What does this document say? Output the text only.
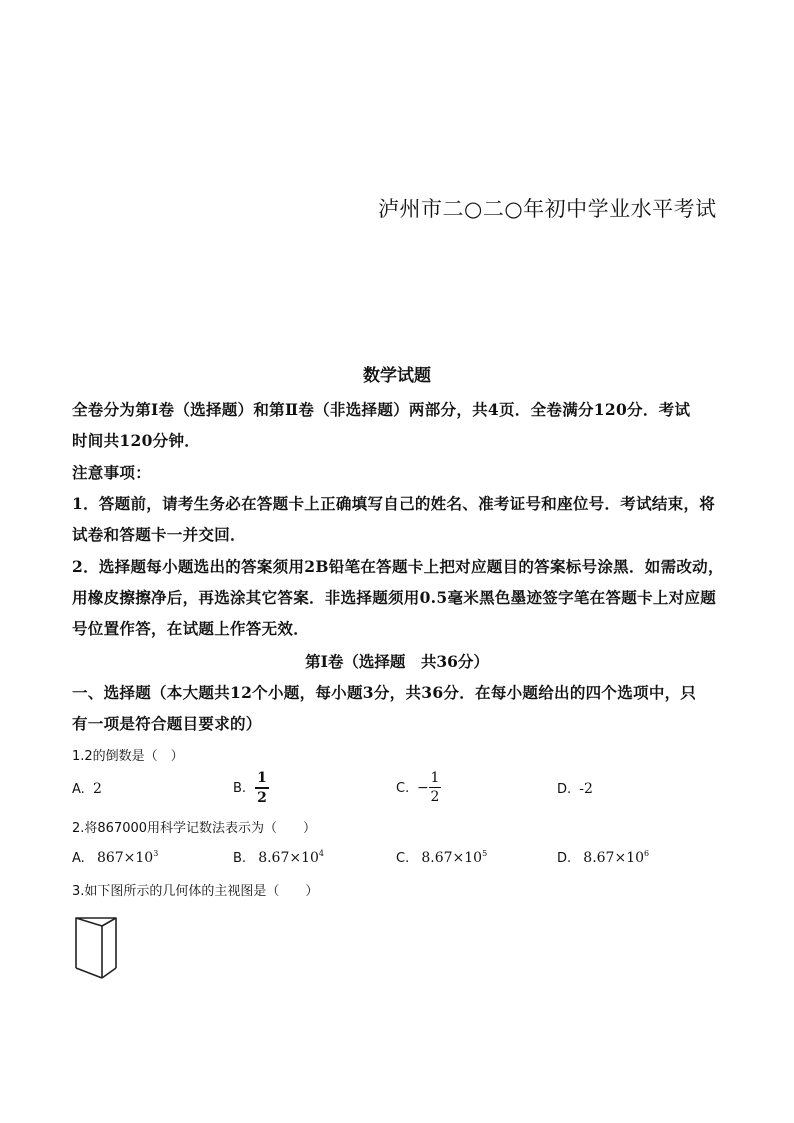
泸州市二○二○年初中学业水平考试
数学试题
全卷分为第Ⅰ卷（选择题）和第Ⅱ卷（非选择题）两部分，共4页．全卷满分120分．考试
时间共120分钟．
注意事项：
1．答题前，请考生务必在答题卡上正确填写自己的姓名、准考证号和座位号．考试结束，将
试卷和答题卡一并交回．
2．选择题每小题选出的答案须用2B铅笔在答题卡上把对应题目的答案标号涂黑．如需改动，
用橡皮擦擦净后，再选涂其它答案．非选择题须用0.5毫米黑色墨迹签字笔在答题卡上对应题
号位置作答，在试题上作答无效．
第Ⅰ卷（选择题　共36分）
一、选择题（本大题共12个小题，每小题3分，共36分．在每小题给出的四个选项中，只
有一项是符合题目要求的）
1.2的倒数是（　）
A. 2	B.
1
2
C. −
1
2	D. -2
2.将867000用科学记数法表示为（　　）
A. $867\times 10^3$	B. $8.67\times 10^4$	C. $8.67\times 10^5$	D. $8.67\times 10^6$
3.如下图所示的几何体的主视图是（　　）
